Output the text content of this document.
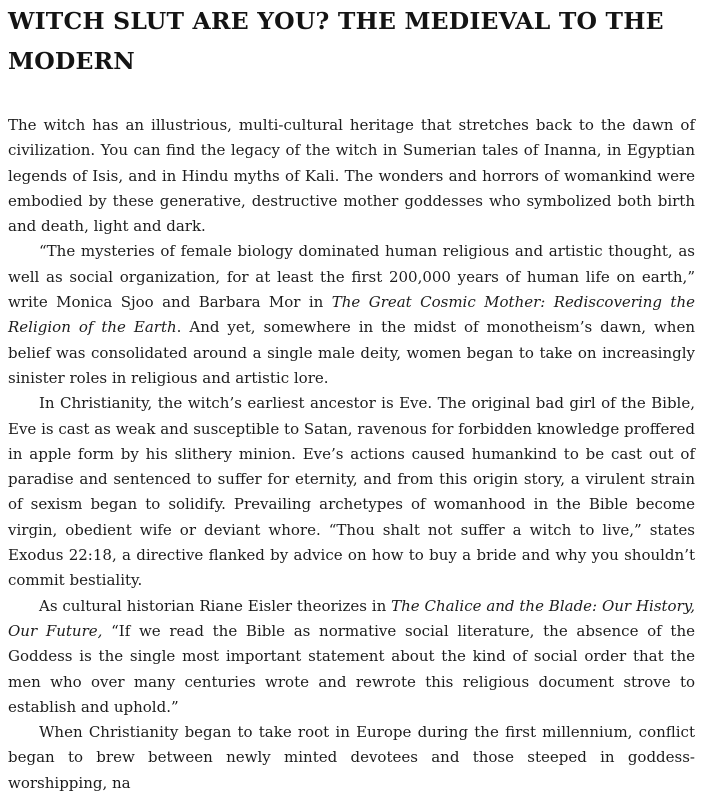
WITCH SLUT ARE YOU? THE MEDIEVAL TO THE
MODERN

The witch has an illustrious, multi-cultural heritage that stretches back to the dawn of civilization. You can find the legacy of the witch in Sumerian tales of Inanna, in Egyptian legends of Isis, and in Hindu myths of Kali. The wonders and horrors of womankind were embodied by these generative, destructive mother goddesses who symbolized both birth and death, light and dark.

“The mysteries of female biology dominated human religious and artistic thought, as well as social organization, for at least the first 200,000 years of human life on earth,” write Monica Sjoo and Barbara Mor in The Great Cosmic Mother: Rediscovering the Religion of the Earth. And yet, somewhere in the midst of monotheism’s dawn, when belief was consolidated around a single male deity, women began to take on increasingly sinister roles in religious and artistic lore.

In Christianity, the witch’s earliest ancestor is Eve. The original bad girl of the Bible, Eve is cast as weak and susceptible to Satan, ravenous for forbidden knowledge proffered in apple form by his slithery minion. Eve’s actions caused humankind to be cast out of paradise and sentenced to suffer for eternity, and from this origin story, a virulent strain of sexism began to solidify. Prevailing archetypes of womanhood in the Bible become virgin, obedient wife or deviant whore. “Thou shalt not suffer a witch to live,” states Exodus 22:18, a directive flanked by advice on how to buy a bride and why you shouldn’t commit bestiality.

As cultural historian Riane Eisler theorizes in The Chalice and the Blade: Our History, Our Future, “If we read the Bible as normative social literature, the absence of the Goddess is the single most important statement about the kind of social order that the men who over many centuries wrote and rewrote this religious document strove to establish and uphold.”

When Christianity began to take root in Europe during the first millennium, conflict began to brew between newly minted devotees and those steeped in goddess-worshipping, na
